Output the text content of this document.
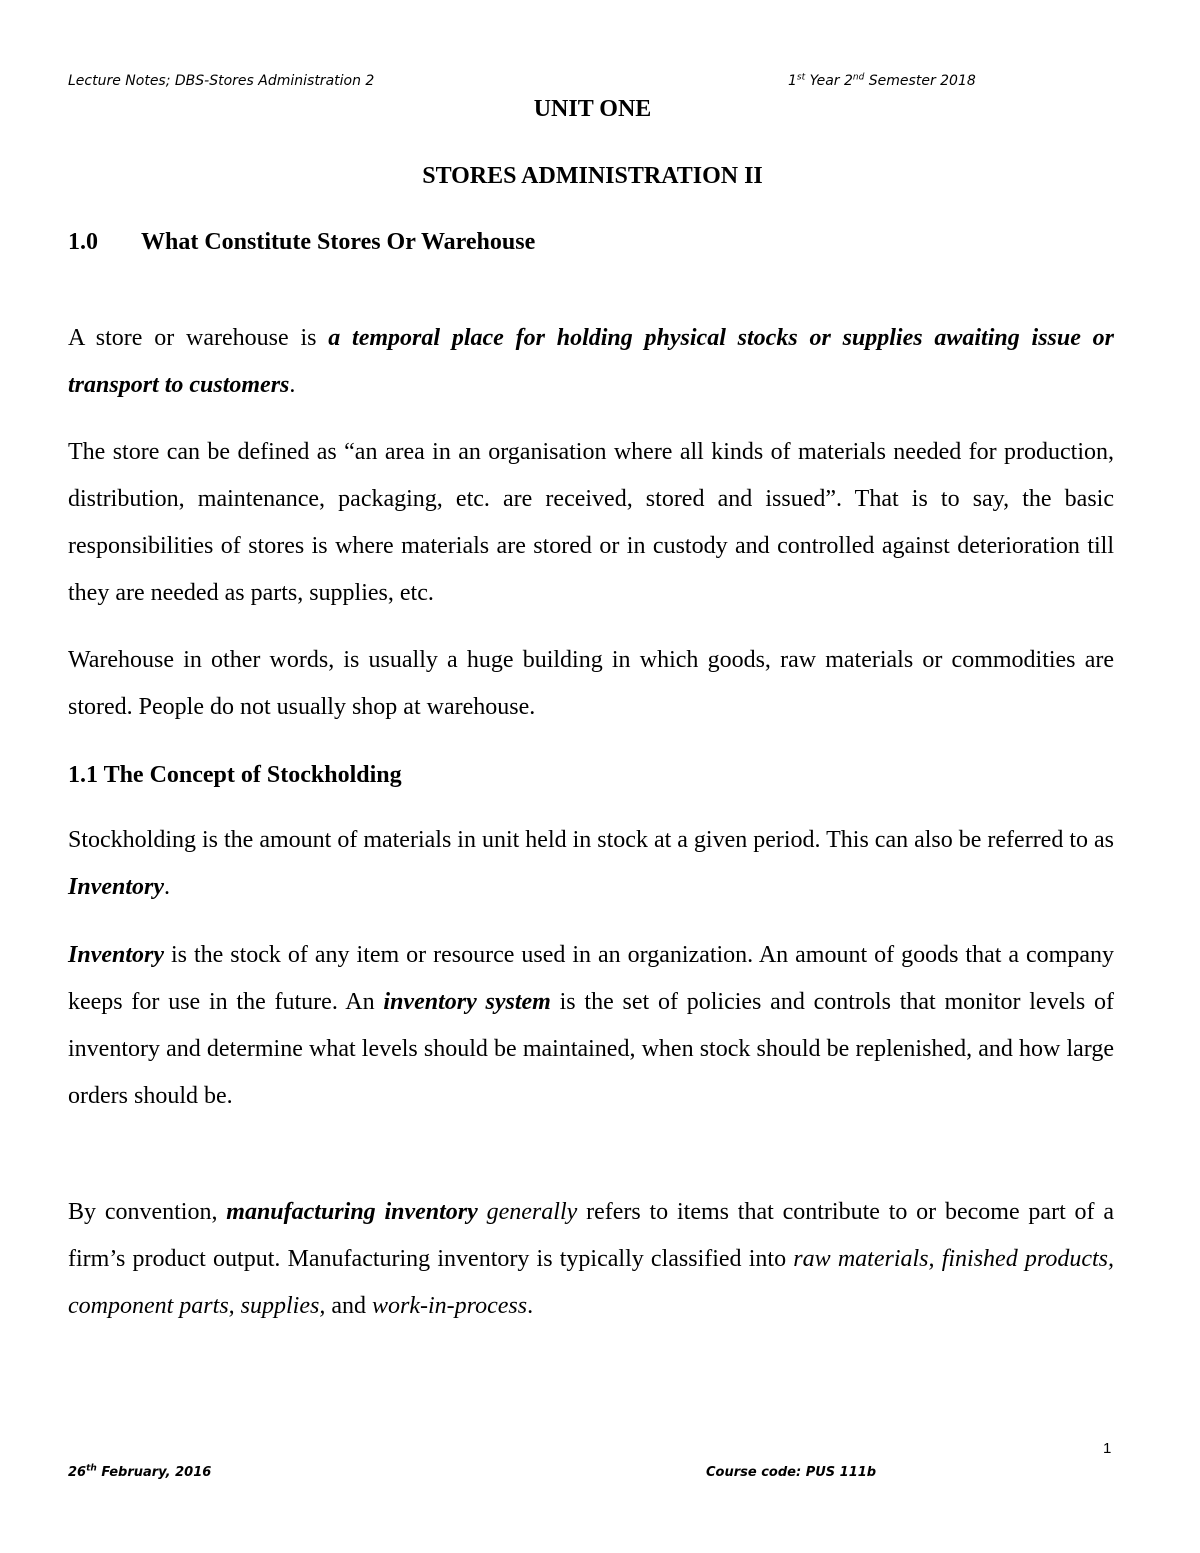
Lecture Notes; DBS-Stores Administration 2	1st Year 2nd Semester 2018
UNIT ONE
STORES ADMINISTRATION II
1.0 What Constitute Stores Or Warehouse

A store or warehouse is a temporal place for holding physical stocks or supplies awaiting issue or transport to customers.

The store can be defined as “an area in an organisation where all kinds of materials needed for production, distribution, maintenance, packaging, etc. are received, stored and issued”. That is to say, the basic responsibilities of stores is where materials are stored or in custody and controlled against deterioration till they are needed as parts, supplies, etc.

Warehouse in other words, is usually a huge building in which goods, raw materials or commodities are stored. People do not usually shop at warehouse.

1.1 The Concept of Stockholding

Stockholding is the amount of materials in unit held in stock at a given period. This can also be referred to as Inventory.

Inventory is the stock of any item or resource used in an organization. An amount of goods that a company keeps for use in the future. An inventory system is the set of policies and controls that monitor levels of inventory and determine what levels should be maintained, when stock should be replenished, and how large orders should be.

By convention, manufacturing inventory generally refers to items that contribute to or become part of a firm’s product output. Manufacturing inventory is typically classified into raw materials, finished products, component parts, supplies, and work-in-process.

1
26th February, 2016	Course code: PUS 111b
